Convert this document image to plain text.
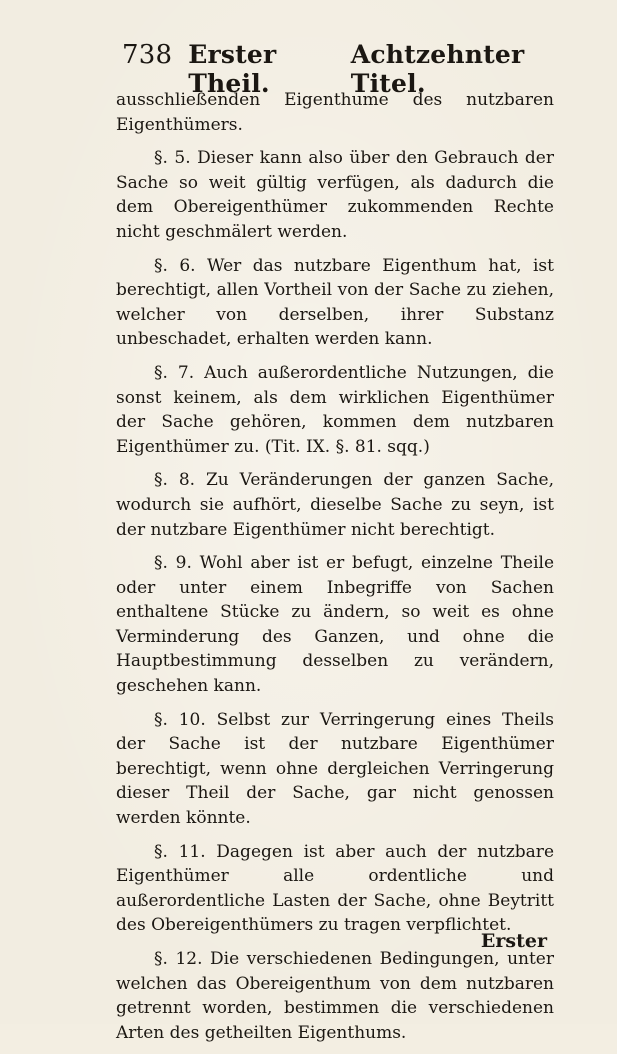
738 Erster Theil.
Achtzehnter Titel.

ausschließenden Eigenthume des nutzbaren Eigenthümers.

§. 5. Dieser kann also über den Gebrauch der Sache so weit gültig verfügen, als dadurch die dem Obereigenthümer zukommenden Rechte nicht geschmälert werden.

§. 6. Wer das nutzbare Eigenthum hat, ist berechtigt, allen Vortheil von der Sache zu ziehen, welcher von derselben, ihrer Substanz unbeschadet, erhalten werden kann.

§. 7. Auch außerordentliche Nutzungen, die sonst keinem, als dem wirklichen Eigenthümer der Sache gehören, kommen dem nutzbaren Eigenthümer zu. (Tit. IX. §. 81. sqq.)

§. 8. Zu Veränderungen der ganzen Sache, wodurch sie aufhört, dieselbe Sache zu seyn, ist der nutzbare Eigenthümer nicht berechtigt.

§. 9. Wohl aber ist er befugt, einzelne Theile oder unter einem Inbegriffe von Sachen enthaltene Stücke zu ändern, so weit es ohne Verminderung des Ganzen, und ohne die Hauptbestimmung desselben zu verändern, geschehen kann.

§. 10. Selbst zur Verringerung eines Theils der Sache ist der nutzbare Eigenthümer berechtigt, wenn ohne dergleichen Verringerung dieser Theil der Sache, gar nicht genossen werden könnte.

§. 11. Dagegen ist aber auch der nutzbare Eigenthümer alle ordentliche und außerordentliche Lasten der Sache, ohne Beytritt des Obereigenthümers zu tragen verpflichtet.

§. 12. Die verschiedenen Bedingungen, unter welchen das Obereigenthum von dem nutzbaren getrennt worden, bestimmen die verschiedenen Arten des getheilten Eigenthums.

Erster
